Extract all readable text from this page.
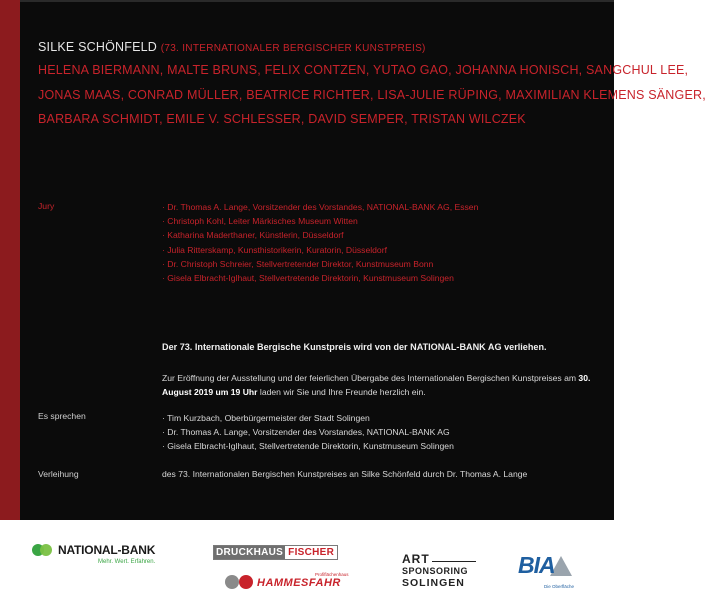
SILKE SCHÖNFELD (73. INTERNATIONALER BERGISCHER KUNSTPREIS)
HELENA BIERMANN, MALTE BRUNS, FELIX CONTZEN, YUTAO GAO, JOHANNA HONISCH, SANGCHUL LEE,
JONAS MAAS, CONRAD MÜLLER, BEATRICE RICHTER, LISA-JULIE RÜPING, MAXIMILIAN KLEMENS SÄNGER,
BARBARA SCHMIDT, EMILE V. SCHLESSER, DAVID SEMPER, TRISTAN WILCZEK
Jury	· Dr. Thomas A. Lange, Vorsitzender des Vorstandes, NATIONAL-BANK AG, Essen
· Christoph Kohl, Leiter Märkisches Museum Witten
· Katharina Maderthaner, Künstlerin, Düsseldorf
· Julia Ritterskamp, Kunsthistorikerin, Kuratorin, Düsseldorf
· Dr. Christoph Schreier, Stellvertretender Direktor, Kunstmuseum Bonn
· Gisela Elbracht-Iglhaut, Stellvertretende Direktorin, Kunstmuseum Solingen
Der 73. Internationale Bergische Kunstpreis wird von der NATIONAL-BANK AG verliehen.
Zur Eröffnung der Ausstellung und der feierlichen Übergabe des Internationalen Bergischen Kunstpreises am 30. August 2019 um 19 Uhr laden wir Sie und Ihre Freunde herzlich ein.
Es sprechen	· Tim Kurzbach, Oberbürgermeister der Stadt Solingen
· Dr. Thomas A. Lange, Vorsitzender des Vorstandes, NATIONAL-BANK AG
· Gisela Elbracht-Iglhaut, Stellvertretende Direktorin, Kunstmuseum Solingen
Verleihung	des 73. Internationalen Bergischen Kunstpreises an Silke Schönfeld durch Dr. Thomas A. Lange
NATIONAL-BANK
Mehr. Wert. Erfahren.
DRUCKHAUS FISCHER
Profiflächenhaus
HAMMESFAHR
ART
SPONSORING
SOLINGEN
BIA
Die Oberfläche
